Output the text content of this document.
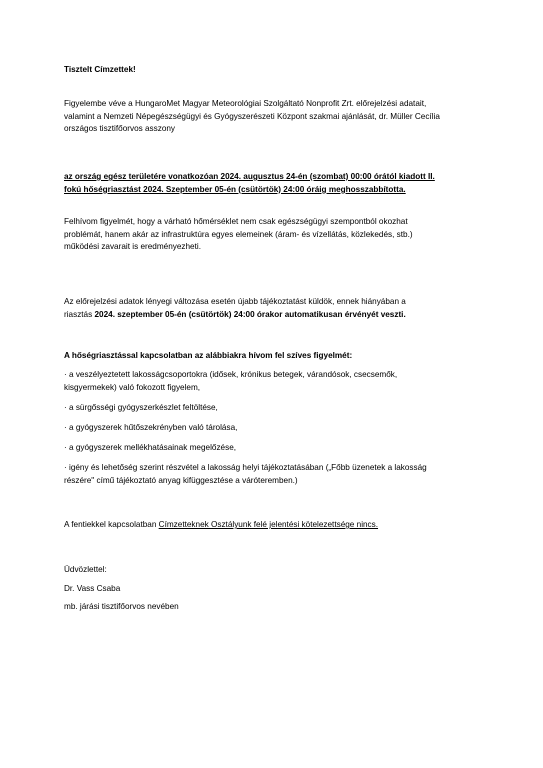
Tisztelt Címzettek!

Figyelembe véve a HungaroMet Magyar Meteorológiai Szolgáltató Nonprofit Zrt. előrejelzési adatait,

valamint a Nemzeti Népegészségügyi és Gyógyszerészeti Központ szakmai ajánlását, dr. Müller Cecília

országos tisztifőorvos asszony

az ország egész területére vonatkozóan 2024. augusztus 24-én (szombat) 00:00 órától kiadott II.

fokú hőségriasztást 2024. Szeptember 05-én (csütörtök) 24:00 óráig meghosszabbította.

Felhívom figyelmét, hogy a várható hőmérséklet nem csak egészségügyi szempontból okozhat

problémát, hanem akár az infrastruktúra egyes elemeinek (áram- és vízellátás, közlekedés, stb.)

működési zavarait is eredményezheti.

Az előrejelzési adatok lényegi változása esetén újabb tájékoztatást küldök, ennek hiányában a

riasztás 2024. szeptember 05-én (csütörtök) 24:00 órakor automatikusan érvényét veszti.

A hőségriasztással kapcsolatban az alábbiakra hívom fel szíves figyelmét:

· a veszélyeztetett lakosságcsoportokra (idősek, krónikus betegek, várandósok, csecsemők,
kisgyermekek) való fokozott figyelem,

· a sürgősségi gyógyszerkészlet feltöltése,

· a gyógyszerek hűtőszekrényben való tárolása,

· a gyógyszerek mellékhatásainak megelőzése,

· igény és lehetőség szerint részvétel a lakosság helyi tájékoztatásában („Főbb üzenetek a lakosság
részére" című tájékoztató anyag kifüggesztése a váróteremben.)

A fentiekkel kapcsolatban Címzetteknek Osztályunk felé jelentési kötelezettsége nincs.

Üdvözlettel:

Dr. Vass Csaba

mb. járási tisztifőorvos nevében
